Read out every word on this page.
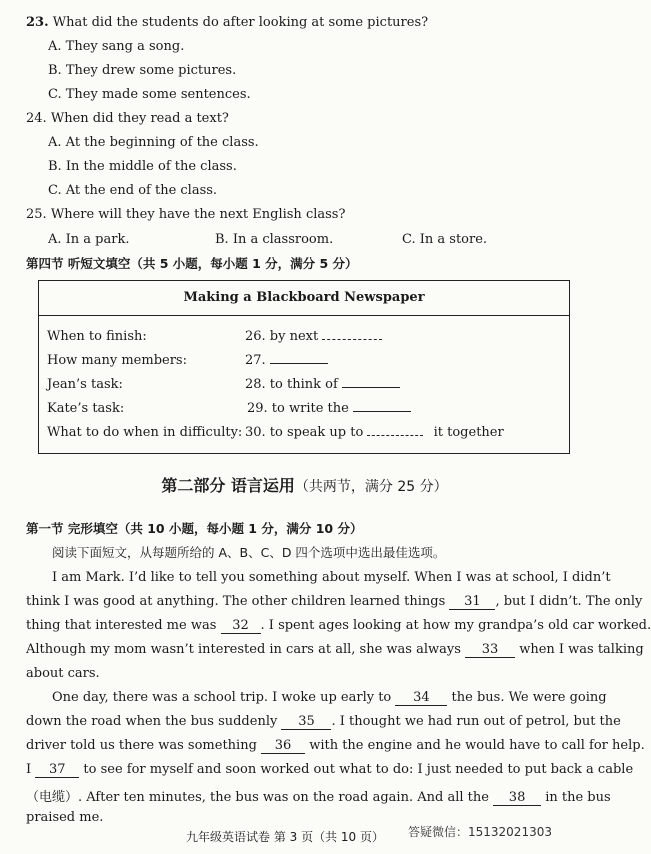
23. What did the students do after looking at some pictures?
A. They sang a song.
B. They drew some pictures.
C. They made some sentences.
24. When did they read a text?
A. At the beginning of the class.
B. In the middle of the class.
C. At the end of the class.
25. Where will they have the next English class?
A. In a park.	B. In a classroom.	C. In a store.
第四节 听短文填空（共 5 小题，每小题 1 分，满分 5 分）
Making a Blackboard Newspaper
When to finish:	26. by next
How many members:	27.
Jean’s task:	28. to think of
Kate’s task:	29. to write the
What to do when in difficulty: 30. to speak up to	it together
第二部分 语言运用（共两节，满分 25 分）
第一节 完形填空（共 10 小题，每小题 1 分，满分 10 分）
阅读下面短文，从每题所给的 A、B、C、D 四个选项中选出最佳选项。
I am Mark. I’d like to tell you something about myself. When I was at school, I didn’t
think I was good at anything. The other children learned things 31 , but I didn’t. The only
thing that interested me was 32 . I spent ages looking at how my grandpa’s old car worked.
Although my mom wasn’t interested in cars at all, she was always 33 when I was talking
about cars.
One day, there was a school trip. I woke up early to 34 the bus. We were going
down the road when the bus suddenly 35 . I thought we had run out of petrol, but the
driver told us there was something 36 with the engine and he would have to call for help.
I 37 to see for myself and soon worked out what to do: I just needed to put back a cable
（电缆）. After ten minutes, the bus was on the road again. And all the 38 in the bus
praised me.
九年级英语试卷 第 3 页（共 10 页） 答疑微信：15132021303
